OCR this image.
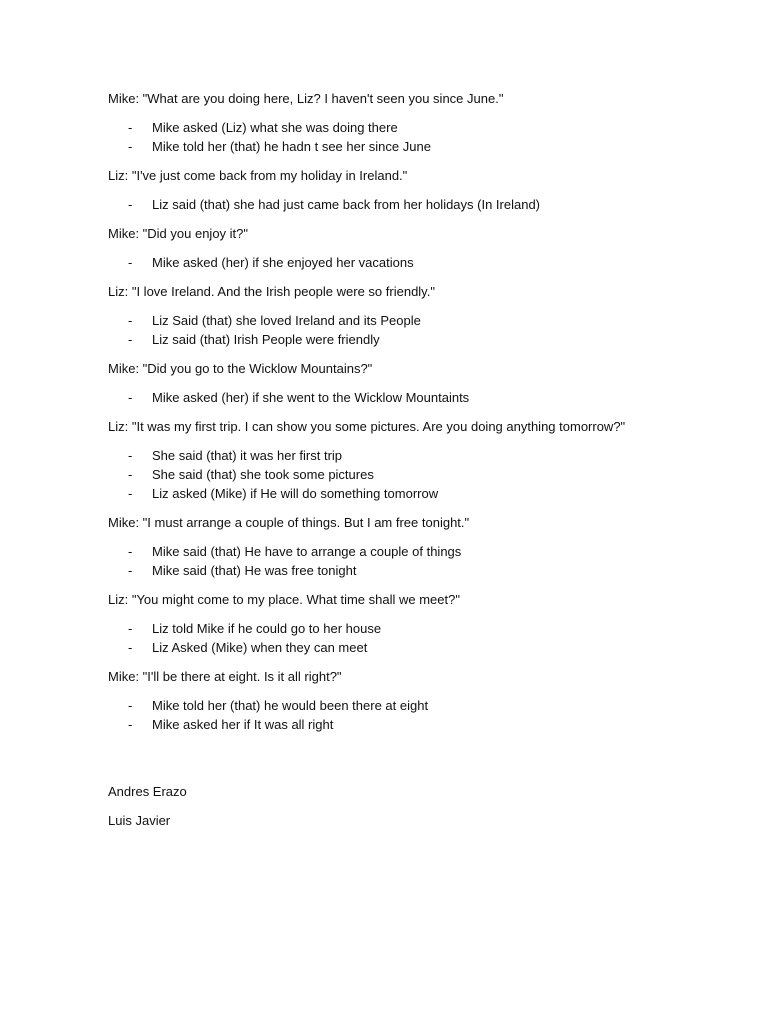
Mike: "What are you doing here, Liz? I haven't seen you since June."
- Mike asked (Liz) what she was doing there
- Mike told her (that) he hadn t see her since June
Liz: "I've just come back from my holiday in Ireland."
- Liz said (that) she had just came back from her holidays (In Ireland)
Mike: "Did you enjoy it?"
- Mike asked (her) if she enjoyed her vacations
Liz: "I love Ireland. And the Irish people were so friendly."
- Liz Said (that) she loved Ireland and its People
- Liz said (that) Irish People were friendly
Mike: "Did you go to the Wicklow Mountains?"
- Mike asked (her) if she went to the Wicklow Mountaints
Liz: "It was my first trip. I can show you some pictures. Are you doing anything tomorrow?"
- She said (that) it was her first trip
- She said (that) she took some pictures
- Liz asked (Mike) if He will do something tomorrow
Mike: "I must arrange a couple of things. But I am free tonight."
- Mike said (that) He have to arrange a couple of things
- Mike said (that) He was free tonight
Liz: "You might come to my place. What time shall we meet?"
- Liz told Mike if he could go to her house
- Liz Asked (Mike) when they can meet
Mike: "I'll be there at eight. Is it all right?"
- Mike told her (that) he would been there at eight
- Mike asked her if It was all right
Andres Erazo
Luis Javier
